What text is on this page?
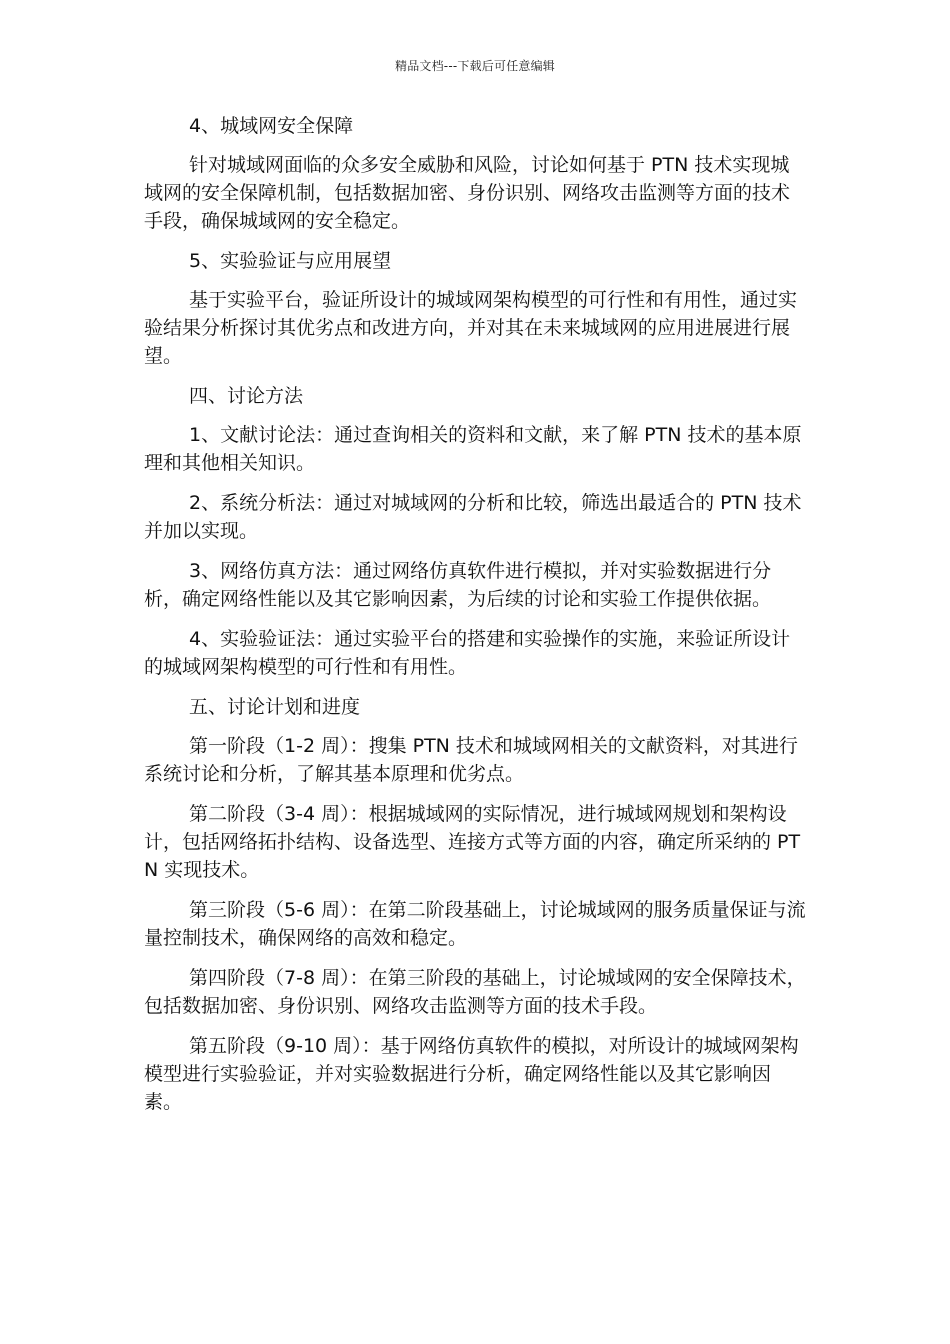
精品文档---下载后可任意编辑

4、城域网安全保障

针对城域网面临的众多安全威胁和风险，讨论如何基于 PTN 技术实现城域网的安全保障机制，包括数据加密、身份识别、网络攻击监测等方面的技术手段，确保城域网的安全稳定。

5、实验验证与应用展望

基于实验平台，验证所设计的城域网架构模型的可行性和有用性，通过实验结果分析探讨其优劣点和改进方向，并对其在未来城域网的应用进展进行展望。

四、讨论方法

1、文献讨论法：通过查询相关的资料和文献，来了解 PTN 技术的基本原理和其他相关知识。

2、系统分析法：通过对城域网的分析和比较，筛选出最适合的 PTN 技术并加以实现。

3、网络仿真方法：通过网络仿真软件进行模拟，并对实验数据进行分析，确定网络性能以及其它影响因素，为后续的讨论和实验工作提供依据。

4、实验验证法：通过实验平台的搭建和实验操作的实施，来验证所设计的城域网架构模型的可行性和有用性。

五、讨论计划和进度

第一阶段（1-2 周）：搜集 PTN 技术和城域网相关的文献资料，对其进行系统讨论和分析，了解其基本原理和优劣点。

第二阶段（3-4 周）：根据城域网的实际情况，进行城域网规划和架构设计，包括网络拓扑结构、设备选型、连接方式等方面的内容，确定所采纳的 PTN 实现技术。

第三阶段（5-6 周）：在第二阶段基础上，讨论城域网的服务质量保证与流量控制技术，确保网络的高效和稳定。

第四阶段（7-8 周）：在第三阶段的基础上，讨论城域网的安全保障技术，包括数据加密、身份识别、网络攻击监测等方面的技术手段。

第五阶段（9-10 周）：基于网络仿真软件的模拟，对所设计的城域网架构模型进行实验验证，并对实验数据进行分析，确定网络性能以及其它影响因素。
